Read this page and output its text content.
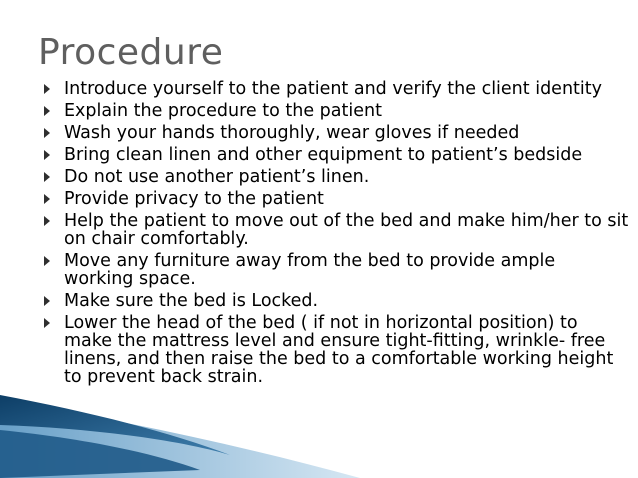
Procedure
Introduce yourself to the patient and verify the client identity
Explain the procedure to the patient
Wash your hands thoroughly, wear gloves if needed
Bring clean linen and other equipment to patient’s bedside
Do not use another patient’s linen.
Provide privacy to the patient
Help the patient to move out of the bed and make him/her to sit on chair comfortably.
Move any furniture away from the bed to provide ample working space.
Make sure the bed is Locked.
Lower the head of the bed ( if not in horizontal position) to make the mattress level and ensure tight-fitting, wrinkle- free linens, and then raise the bed to a comfortable working height to prevent back strain.
